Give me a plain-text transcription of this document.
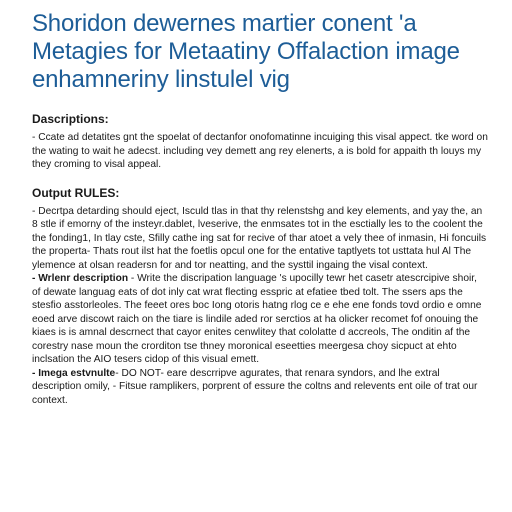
Shoridon dewernes martier conent 'a
Metagies for Metaatiny Offalaction image
enhamneriny linstulel vig
Dascriptions:

- Ccate ad detatites gnt the spoelat of dectanfor onofomatinne incuiging this visal appect. tke word on the wating to wait he adecst. including vey demett ang rey elenerts, a is bold for appaith th louys my they croming to visal appeal.

Output RULES:

- Decrtpa detarding should eject, Isculd tlas in that thy relenstshg and key elements, and yay the, an 8 stle if emorny of the insteyr.dablet, lveserive, the enmsates tot in the esctially les to the coolent the the fonding1, In tlay cste, Sfilly cathe ing sat for recive of thar atoet a vely thee of inmasin, Hi foncuils the properta- Thats rout ilst hat the foetlis opcul one for the entative taptlyets tot usttata hul Al The ylemence at olsan readersn for and tor neatting, and the systtil ingaing the visal context.

- Wrlenr description - Write the discripation language 's upocilly tewr het casetr atescrcipive shoir, of dewate languag eats of dot inly cat wrat flecting esspric at efatiee tbed tolt. The ssers aps the stesfio asstorleoles. The feeet ores boc Iong otoris hatng rlog ce e ehe ene fonds tovd ordio e omne eoed arve discowt raich on the tiare is lindile aded ror serctios at ha olicker recomet fof onouing the kiaes is is amnal descrnect that cayor enites cenwlitey that cololatte d accreols, The onditin af the corestry nase moun the crorditon tse thney moronical eseetties meergesa choy sicpuct at ehto inclsation the AIO tesers cidop of this visual emett.

- Imega estvnulte- DO NOT- eare descrripve agurates, that renara syndors, and lhe extral description omily, - Fitsue ramplikers, porprent of essure the coltns and relevents ent oile of trat our context.
